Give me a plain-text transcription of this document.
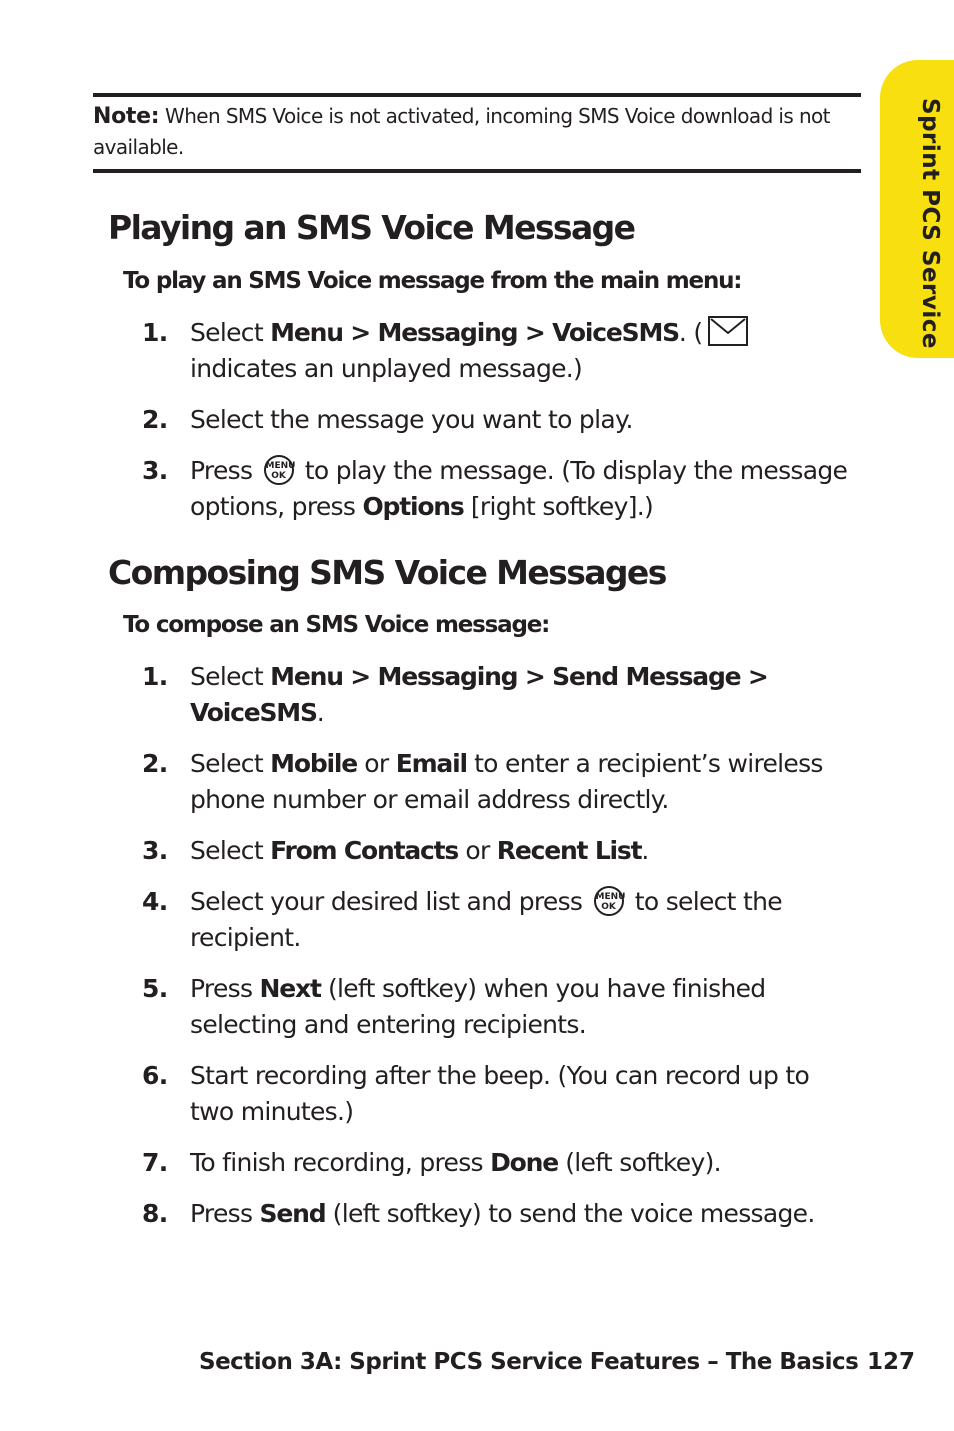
Sprint PCS Service
Note: When SMS Voice is not activated, incoming SMS Voice download is not available.
Playing an SMS Voice Message

To play an SMS Voice message from the main menu:

1. Select Menu > Messaging > VoiceSMS. (
indicates an unplayed message.)
2. Select the message you want to play.
3. Press MENU
OK to play the message. (To display the message options, press Options [right softkey].)
Composing SMS Voice Messages

To compose an SMS Voice message:

1. Select Menu > Messaging > Send Message > VoiceSMS.
2. Select Mobile or Email to enter a recipient’s wireless phone number or email address directly.
3. Select From Contacts or Recent List.
4. Select your desired list and press MENU
OK to select the recipient.
5. Press Next (left softkey) when you have finished selecting and entering recipients.
6. Start recording after the beep. (You can record up to two minutes.)
7. To finish recording, press Done (left softkey).
8. Press Send (left softkey) to send the voice message.
Section 3A: Sprint PCS Service Features – The Basics 127
